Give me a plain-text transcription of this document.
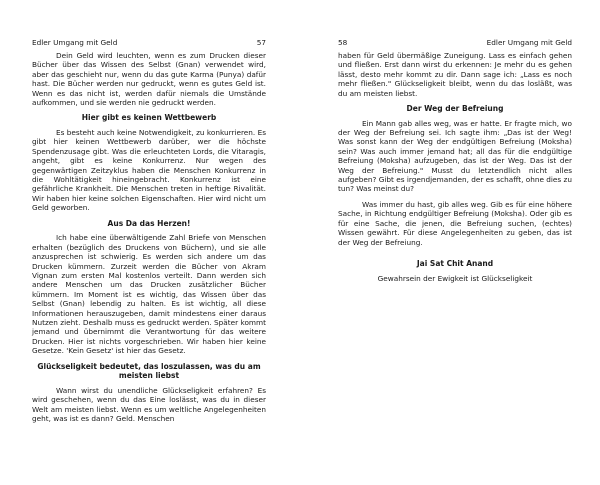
Edler Umgang mit Geld	57

Dein Geld wird leuchten, wenn es zum Drucken dieser Bücher über das Wissen des Selbst (Gnan) verwendet wird, aber das geschieht nur, wenn du das gute Karma (Punya) dafür hast. Die Bücher werden nur gedruckt, wenn es gutes Geld ist. Wenn es das nicht ist, werden dafür niemals die Umstände aufkommen, und sie werden nie gedruckt werden.

Hier gibt es keinen Wettbewerb

Es besteht auch keine Notwendigkeit, zu konkurrieren. Es gibt hier keinen Wettbewerb darüber, wer die höchste Spendenzusage gibt. Was die erleuchteten Lords, die Vitaragis, angeht, gibt es keine Konkurrenz. Nur wegen des gegenwärtigen Zeitzyklus haben die Menschen Konkurrenz in die Wohltätigkeit hineingebracht. Konkurrenz ist eine gefährliche Krankheit. Die Menschen treten in heftige Rivalität. Wir haben hier keine solchen Eigenschaften. Hier wird nicht um Geld geworben.

Aus Da das Herzen!

Ich habe eine überwältigende Zahl Briefe von Menschen erhalten (bezüglich des Druckens von Büchern), und sie alle anzusprechen ist schwierig. Es werden sich andere um das Drucken kümmern. Zurzeit werden die Bücher von Akram Vignan zum ersten Mal kostenlos verteilt. Dann werden sich andere Menschen um das Drucken zusätzlicher Bücher kümmern. Im Moment ist es wichtig, das Wissen über das Selbst (Gnan) lebendig zu halten. Es ist wichtig, all diese Informationen herauszugeben, damit mindestens einer daraus Nutzen zieht. Deshalb muss es gedruckt werden. Später kommt jemand und übernimmt die Verantwortung für das weitere Drucken. Hier ist nichts vorgeschrieben. Wir haben hier keine Gesetze. 'Kein Gesetz' ist hier das Gesetz.

Glückseligkeit bedeutet, das loszulassen, was du am meisten liebst

Wann wirst du unendliche Glückseligkeit erfahren? Es wird geschehen, wenn du das Eine loslässt, was du in dieser Welt am meisten liebst. Wenn es um weltliche Angelegenheiten geht, was ist es dann? Geld. Menschen

58	Edler Umgang mit Geld

haben für Geld übermäßige Zuneigung. Lass es einfach gehen und fließen. Erst dann wirst du erkennen: Je mehr du es gehen lässt, desto mehr kommt zu dir. Dann sage ich: „Lass es noch mehr fließen." Glückseligkeit bleibt, wenn du das losläßt, was du am meisten liebst.

Der Weg der Befreiung

Ein Mann gab alles weg, was er hatte. Er fragte mich, wo der Weg der Befreiung sei. Ich sagte ihm: „Das ist der Weg! Was sonst kann der Weg der endgültigen Befreiung (Moksha) sein? Was auch immer jemand hat; all das für die endgültige Befreiung (Moksha) aufzugeben, das ist der Weg. Das ist der Weg der Befreiung." Musst du letztendlich nicht alles aufgeben? Gibt es irgendjemanden, der es schafft, ohne dies zu tun? Was meinst du?

Was immer du hast, gib alles weg. Gib es für eine höhere Sache, in Richtung endgültiger Befreiung (Moksha). Oder gib es für eine Sache, die jenen, die Befreiung suchen, (echtes) Wissen gewährt. Für diese Angelegenheiten zu geben, das ist der Weg der Befreiung.

Jai Sat Chit Anand
Gewahrsein der Ewigkeit ist Glückseligkeit
